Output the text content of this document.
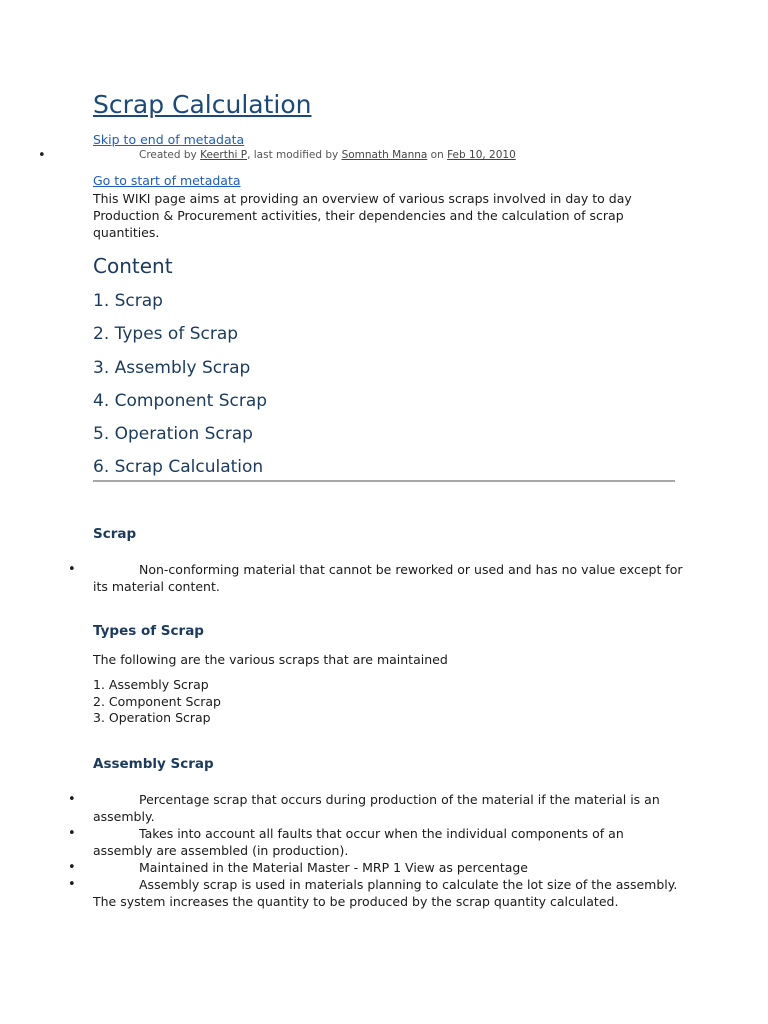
Scrap Calculation
Skip to end of metadata
•	Created by Keerthi P, last modified by Somnath Manna on Feb 10, 2010
Go to start of metadata

This WIKI page aims at providing an overview of various scraps involved in day to day Production & Procurement activities, their dependencies and the calculation of scrap quantities.

Content
1. Scrap
2. Types of Scrap
3. Assembly Scrap
4. Component Scrap
5. Operation Scrap
6. Scrap Calculation
Scrap

•	Non-conforming material that cannot be reworked or used and has no value except for its material content.

Types of Scrap

The following are the various scraps that are maintained

1. Assembly Scrap
2. Component Scrap
3. Operation Scrap
Assembly Scrap

•	Percentage scrap that occurs during production of the material if the material is an assembly.

•	Takes into account all faults that occur when the individual components of an assembly are assembled (in production).

•	Maintained in the Material Master - MRP 1 View as percentage

•	Assembly scrap is used in materials planning to calculate the lot size of the assembly. The system increases the quantity to be produced by the scrap quantity calculated.
